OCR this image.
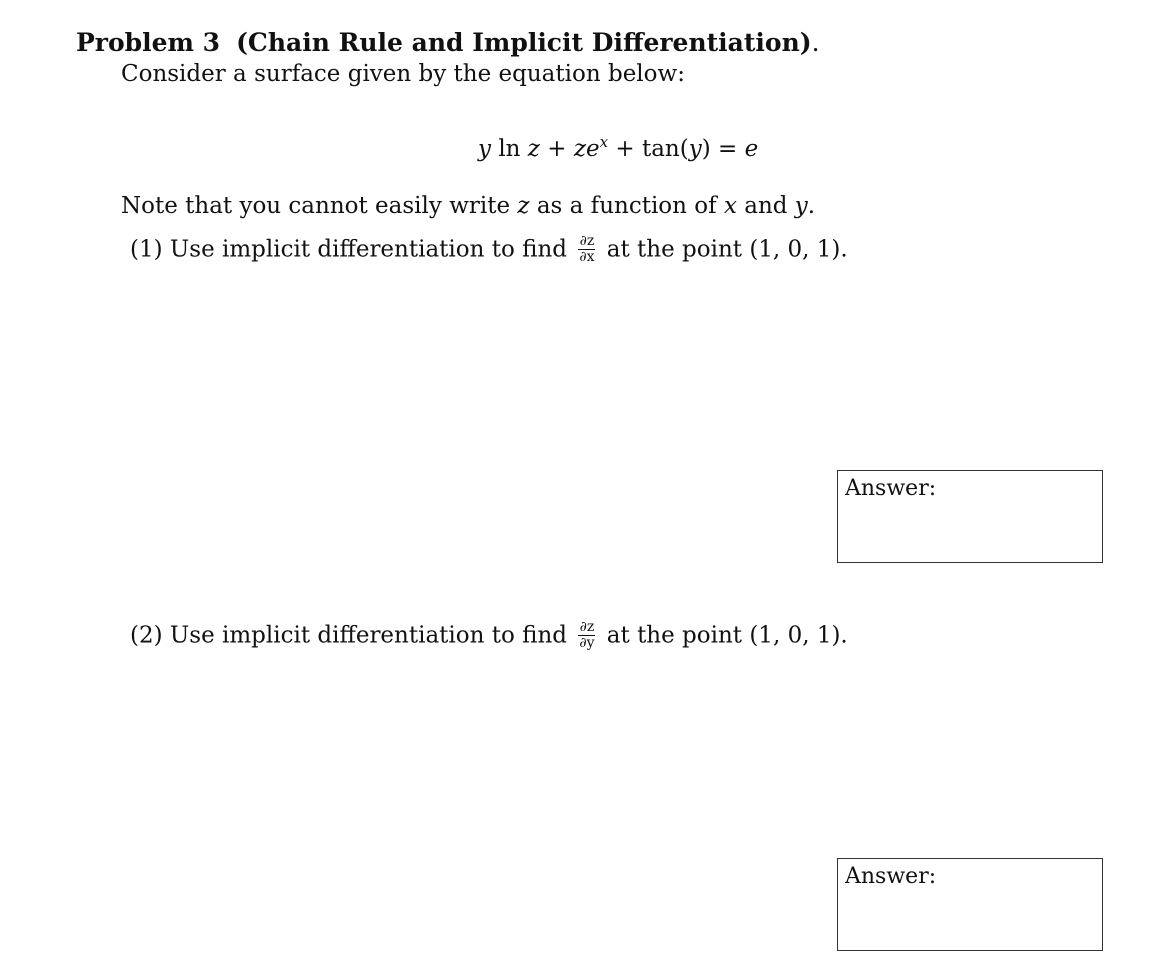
Problem 3 (Chain Rule and Implicit Differentiation).
Consider a surface given by the equation below:
y $\ln z + ze^x + \tan(y) = e$
Note that you cannot easily write z as a function of x and y.
(1) Use implicit differentiation to find $\frac{\partial z}{\partial x}$ at the point (1, 0, 1).
Answer:
(2) Use implicit differentiation to find $\frac{\partial z}{\partial y}$ at the point (1, 0, 1).
Answer:
